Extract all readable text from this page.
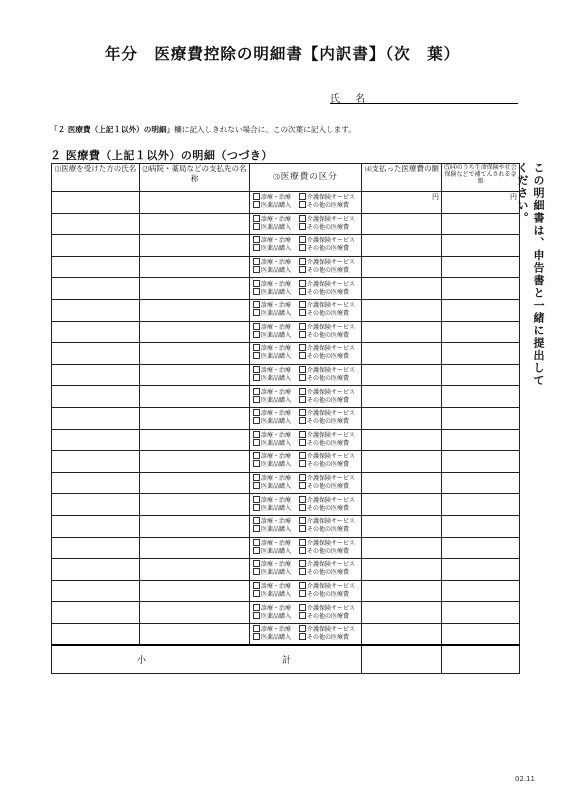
年分　医療費控除の明細書【内訳書】（次　葉）
氏 名
「２ 医療費（上記１以外）の明細」欄に記入しきれない場合に、この次葉に記入します。
２ 医療費（上記１以外）の明細（つづき）
⑴医療を受けた方の氏名	⑵病院・薬局などの支払先の名称	⑶医療費の区分	⑷支払った医療費の額	⑸⑷のうち生命保険や社会保険などで補てんされる金額
		診療・治療 介護保険サービス
医薬品購入 その他の医療費	円	円
		診療・治療 介護保険サービス
医薬品購入 その他の医療費		
		診療・治療 介護保険サービス
医薬品購入 その他の医療費		
		診療・治療 介護保険サービス
医薬品購入 その他の医療費		
		診療・治療 介護保険サービス
医薬品購入 その他の医療費		
		診療・治療 介護保険サービス
医薬品購入 その他の医療費		
		診療・治療 介護保険サービス
医薬品購入 その他の医療費		
		診療・治療 介護保険サービス
医薬品購入 その他の医療費		
		診療・治療 介護保険サービス
医薬品購入 その他の医療費		
		診療・治療 介護保険サービス
医薬品購入 その他の医療費		
		診療・治療 介護保険サービス
医薬品購入 その他の医療費		
		診療・治療 介護保険サービス
医薬品購入 その他の医療費		
		診療・治療 介護保険サービス
医薬品購入 その他の医療費		
		診療・治療 介護保険サービス
医薬品購入 その他の医療費		
		診療・治療 介護保険サービス
医薬品購入 その他の医療費		
		診療・治療 介護保険サービス
医薬品購入 その他の医療費		
		診療・治療 介護保険サービス
医薬品購入 その他の医療費		
		診療・治療 介護保険サービス
医薬品購入 その他の医療費		
		診療・治療 介護保険サービス
医薬品購入 その他の医療費		
		診療・治療 介護保険サービス
医薬品購入 その他の医療費		
		診療・治療 介護保険サービス
医薬品購入 その他の医療費		

小 計				

この明細書は、申告書と一緒に提出してください。
02.11
